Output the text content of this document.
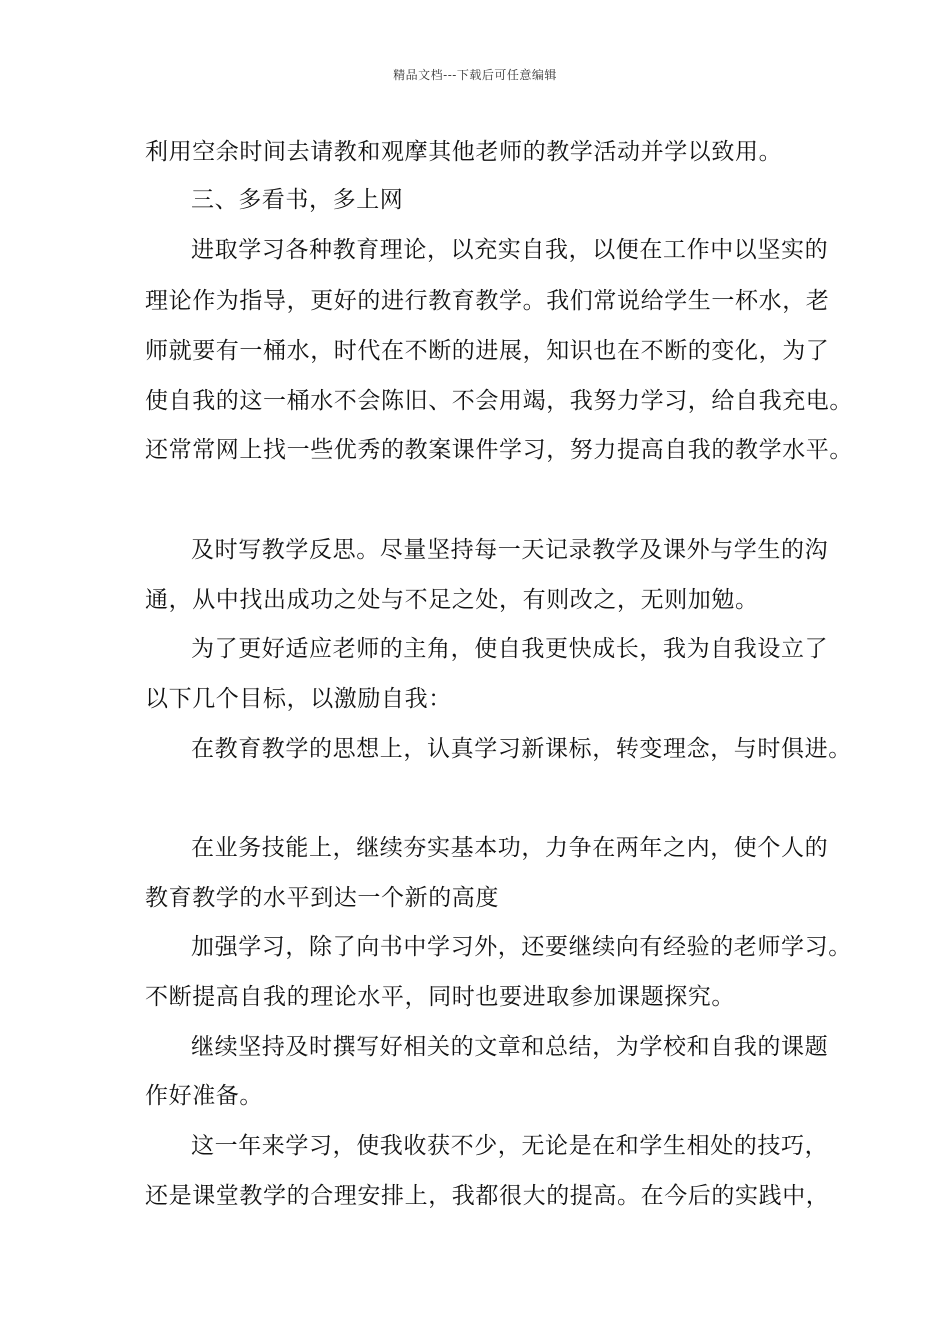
精品文档---下载后可任意编辑
利用空余时间去请教和观摩其他老师的教学活动并学以致用。
三、多看书，多上网
进取学习各种教育理论，以充实自我，以便在工作中以坚实的
理论作为指导，更好的进行教育教学。我们常说给学生一杯水，老
师就要有一桶水，时代在不断的进展，知识也在不断的变化，为了
使自我的这一桶水不会陈旧、不会用竭，我努力学习，给自我充电。
还常常网上找一些优秀的教案课件学习，努力提高自我的教学水平。
及时写教学反思。尽量坚持每一天记录教学及课外与学生的沟
通，从中找出成功之处与不足之处，有则改之，无则加勉。
为了更好适应老师的主角，使自我更快成长，我为自我设立了
以下几个目标，以激励自我：
在教育教学的思想上，认真学习新课标，转变理念，与时俱进。
在业务技能上，继续夯实基本功，力争在两年之内，使个人的
教育教学的水平到达一个新的高度
加强学习，除了向书中学习外，还要继续向有经验的老师学习。
不断提高自我的理论水平，同时也要进取参加课题探究。
继续坚持及时撰写好相关的文章和总结，为学校和自我的课题
作好准备。
这一年来学习，使我收获不少，无论是在和学生相处的技巧，
还是课堂教学的合理安排上，我都很大的提高。在今后的实践中，
